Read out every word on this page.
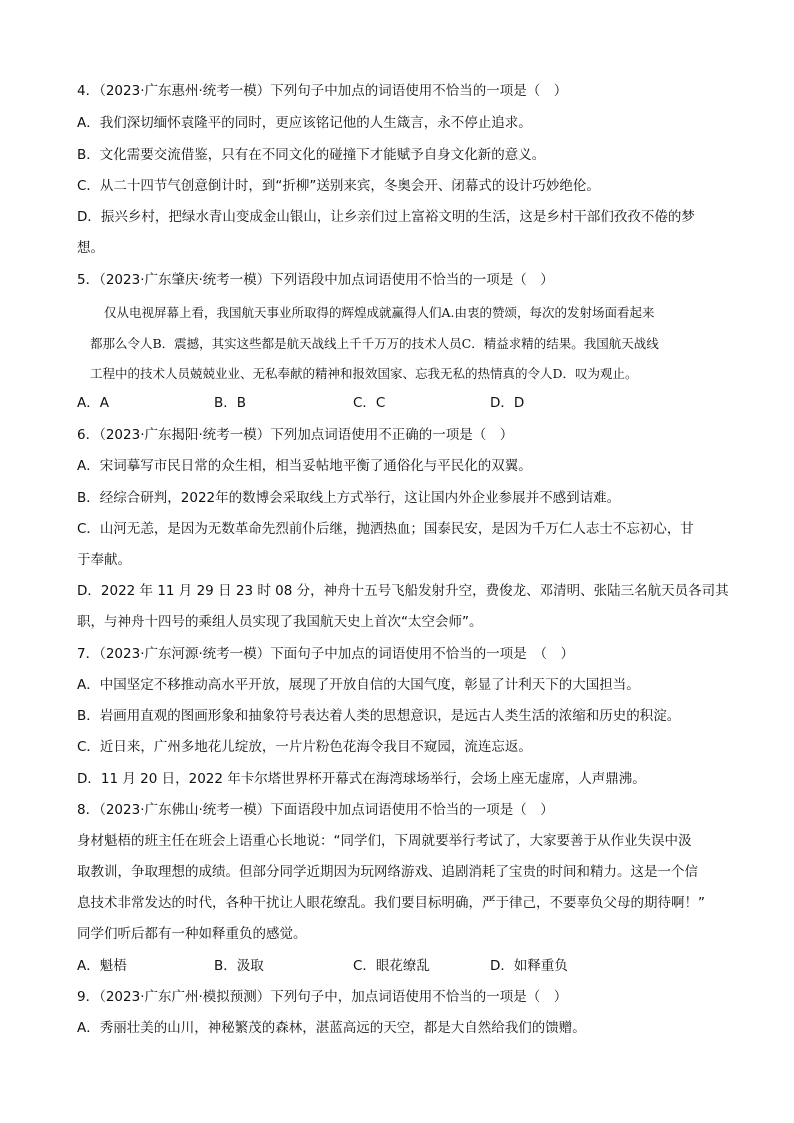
4．（2023·广东惠州·统考一模）下列句子中加点的词语使用不恰当的一项是（　）
A．我们深切缅怀袁隆平的同时，更应该铭记他的人生箴言，永不停止追求。
B．文化需要交流借鉴，只有在不同文化的碰撞下才能赋予自身文化新的意义。
C．从二十四节气创意倒计时，到“折柳”送别来宾，冬奥会开、闭幕式的设计巧妙绝伦。
D．振兴乡村，把绿水青山变成金山银山，让乡亲们过上富裕文明的生活，这是乡村干部们孜孜不倦的梦
想。
5．（2023·广东肇庆·统考一模）下列语段中加点词语使用不恰当的一项是（　）
仅从电视屏幕上看，我国航天事业所取得的辉煌成就赢得人们A.由衷的赞颂，每次的发射场面看起来
都那么令人B．震撼，其实这些都是航天战线上千千万万的技术人员C．精益求精的结果。我国航天战线
工程中的技术人员兢兢业业、无私奉献的精神和报效国家、忘我无私的热情真的令人D．叹为观止。
A．A	B．B	C．C	D．D
6．（2023·广东揭阳·统考一模）下列加点词语使用不正确的一项是（　）
A．宋词摹写市民日常的众生相，相当妥帖地平衡了通俗化与平民化的双翼。
B．经综合研判，2022年的数博会采取线上方式举行，这让国内外企业参展并不感到诘难。
C．山河无恙，是因为无数革命先烈前仆后继，抛洒热血；国泰民安，是因为千万仁人志士不忘初心，甘
于奉献。
D．2022 年 11 月 29 日 23 时 08 分，神舟十五号飞船发射升空，费俊龙、邓清明、张陆三名航天员各司其
职，与神舟十四号的乘组人员实现了我国航天史上首次“太空会师”。
7．（2023·广东河源·统考一模）下面句子中加点的词语使用不恰当的一项是　（　）
A．中国坚定不移推动高水平开放，展现了开放自信的大国气度，彰显了计利天下的大国担当。
B．岩画用直观的图画形象和抽象符号表达着人类的思想意识，是远古人类生活的浓缩和历史的积淀。
C．近日来，广州多地花儿绽放，一片片粉色花海令我目不窥园，流连忘返。
D．11 月 20 日，2022 年卡尔塔世界杯开幕式在海湾球场举行，会场上座无虚席，人声鼎沸。
8．（2023·广东佛山·统考一模）下面语段中加点词语使用不恰当的一项是（　）
身材魁梧的班主任在班会上语重心长地说：“同学们，下周就要举行考试了，大家要善于从作业失误中汲
取教训，争取理想的成绩。但部分同学近期因为玩网络游戏、追剧消耗了宝贵的时间和精力。这是一个信
息技术非常发达的时代，各种干扰让人眼花缭乱。我们要目标明确，严于律己，不要辜负父母的期待啊！”
同学们听后都有一种如释重负的感觉。
A．魁梧	B．汲取	C．眼花缭乱	D．如释重负
9．（2023·广东广州·模拟预测）下列句子中，加点词语使用不恰当的一项是（　）
A．秀丽壮美的山川，神秘繁茂的森林，湛蓝高远的天空，都是大自然给我们的馈赠。
